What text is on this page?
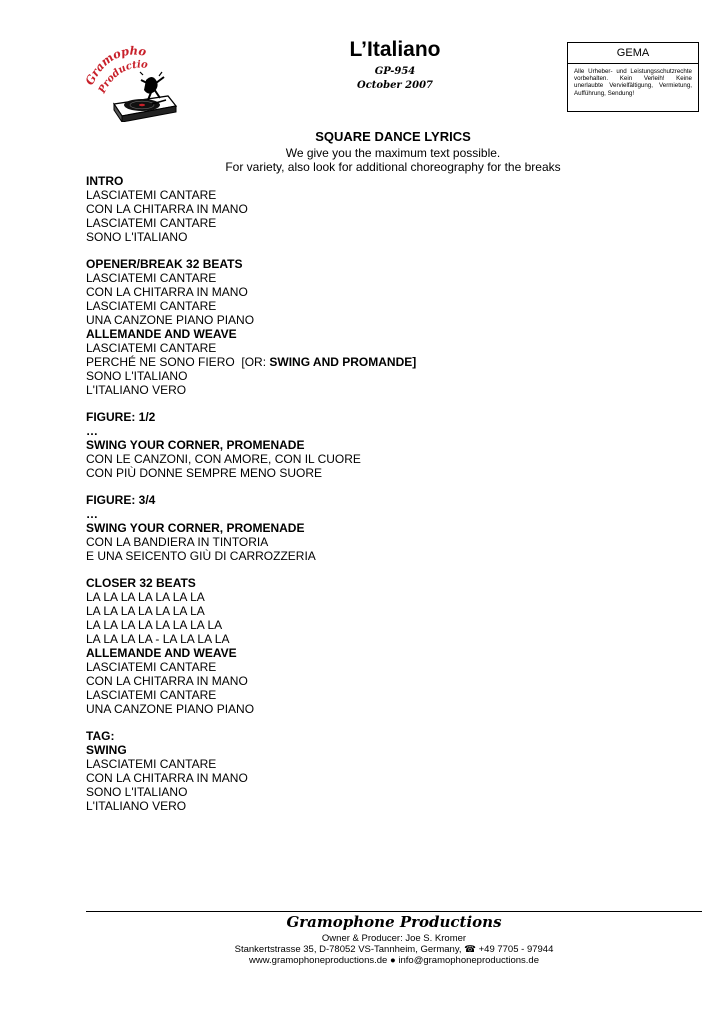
Gramopho
Productio
L’Italiano
GP-954
October 2007
GEMA
Alle Urheber- und Leistungsschutzrechte vorbehalten. Kein Verleih! Keine unerlaubte Vervielfältigung, Vermietung, Aufführung, Sendung!
SQUARE DANCE LYRICS
We give you the maximum text possible.
For variety, also look for additional choreography for the breaks
INTRO
LASCIATEMI CANTARE
CON LA CHITARRA IN MANO
LASCIATEMI CANTARE
SONO L'ITALIANO
OPENER/BREAK 32 BEATS
LASCIATEMI CANTARE
CON LA CHITARRA IN MANO
LASCIATEMI CANTARE
UNA CANZONE PIANO PIANO
ALLEMANDE AND WEAVE
LASCIATEMI CANTARE
PERCHÉ NE SONO FIERO  [OR: SWING AND PROMANDE]
SONO L'ITALIANO
L'ITALIANO VERO
FIGURE: 1/2
…
SWING YOUR CORNER, PROMENADE
CON LE CANZONI, CON AMORE, CON IL CUORE
CON PIÙ DONNE SEMPRE MENO SUORE
FIGURE: 3/4
…
SWING YOUR CORNER, PROMENADE
CON LA BANDIERA IN TINTORIA
E UNA SEICENTO GIÙ DI CARROZZERIA
CLOSER 32 BEATS
LA LA LA LA LA LA LA
LA LA LA LA LA LA LA
LA LA LA LA LA LA LA LA
LA LA LA LA - LA LA LA LA
ALLEMANDE AND WEAVE
LASCIATEMI CANTARE
CON LA CHITARRA IN MANO
LASCIATEMI CANTARE
UNA CANZONE PIANO PIANO
TAG:
SWING
LASCIATEMI CANTARE
CON LA CHITARRA IN MANO
SONO L'ITALIANO
L'ITALIANO VERO
Gramophone Productions
Owner & Producer: Joe S. Kromer
Stankertstrasse 35, D-78052 VS-Tannheim, Germany, ☎ +49 7705 - 97944
www.gramophoneproductions.de ● info@gramophoneproductions.de
